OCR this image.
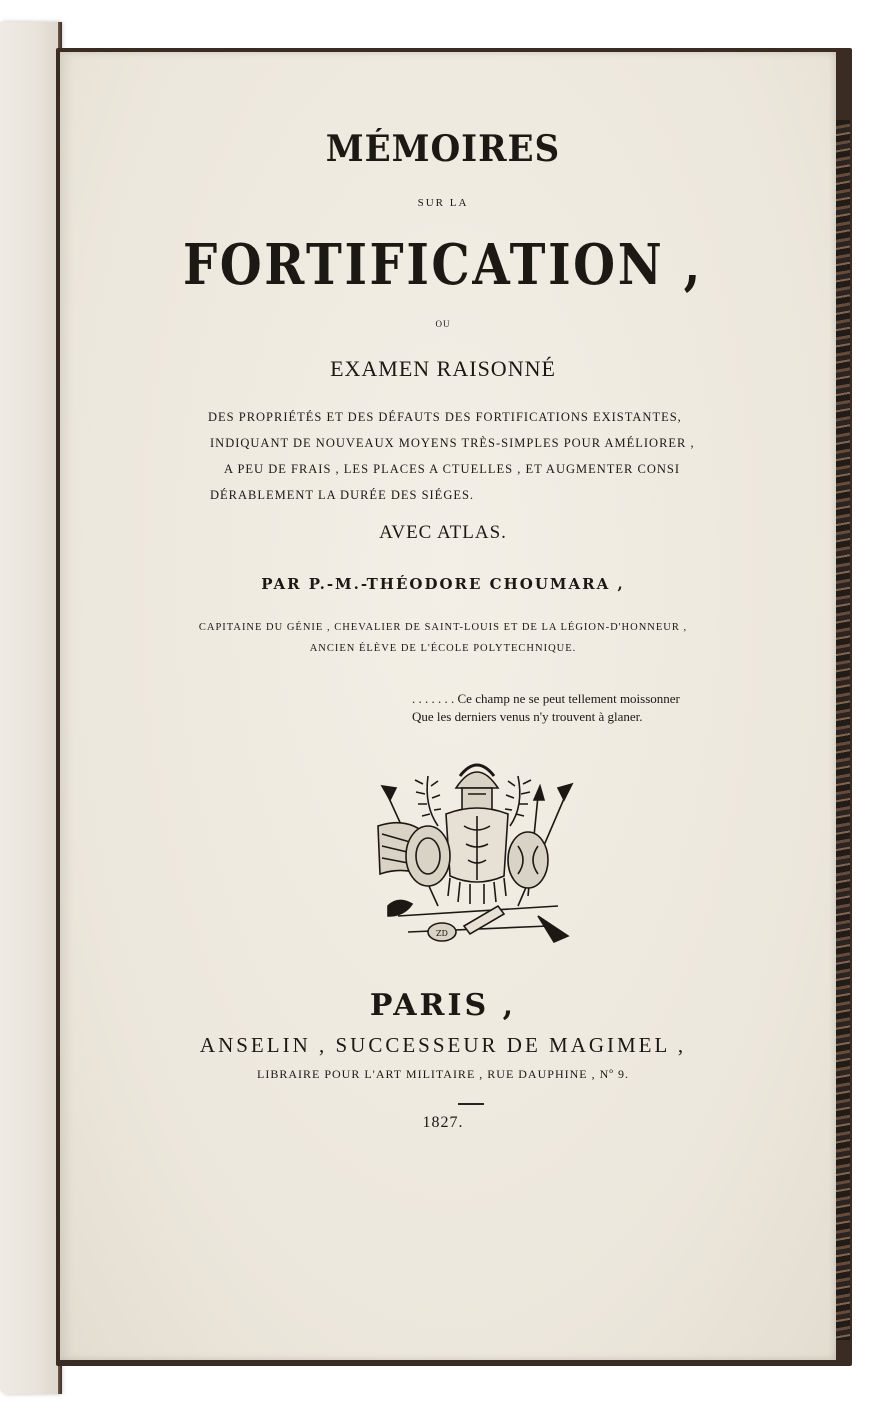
MÉMOIRES
SUR LA
FORTIFICATION ,
OU
EXAMEN RAISONNÉ
DES PROPRIÉTÉS ET DES DÉFAUTS DES FORTIFICATIONS EXISTANTES,
INDIQUANT DE NOUVEAUX MOYENS TRÈS-SIMPLES POUR AMÉLIORER ,
A PEU DE FRAIS , LES PLACES A CTUELLES , ET AUGMENTER CONSI
DÉRABLEMENT LA DURÉE DES SIÉGES.
AVEC ATLAS.
PAR P.-M.-THÉODORE CHOUMARA ,
CAPITAINE DU GÉNIE , CHEVALIER DE SAINT-LOUIS ET DE LA LÉGION-D'HONNEUR ,
ANCIEN ÉLÈVE DE L'ÉCOLE POLYTECHNIQUE.
. . . . . . . Ce champ ne se peut tellement moissonner
Que les derniers venus n'y trouvent à glaner.
ZD
PARIS ,
ANSELIN , SUCCESSEUR DE MAGIMEL ,
LIBRAIRE POUR L'ART MILITAIRE , RUE DAUPHINE , Nº 9.
1827.
